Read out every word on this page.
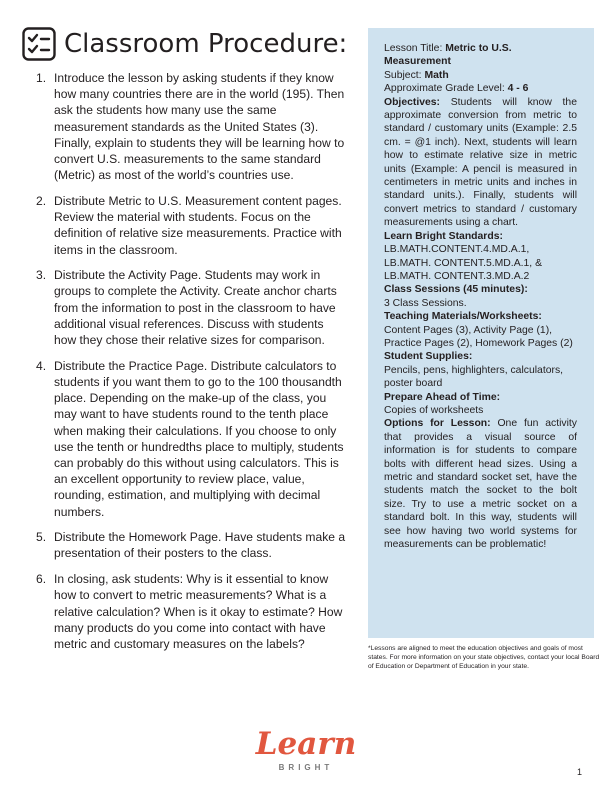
Classroom Procedure:
1. Introduce the lesson by asking students if they know how many countries there are in the world (195). Then ask the students how many use the same measurement standards as the United States (3). Finally, explain to students they will be learning how to convert U.S. measurements to the same standard (Metric) as most of the world’s countries use.
2. Distribute Metric to U.S. Measurement content pages. Review the material with students. Focus on the definition of relative size measurements. Practice with items in the classroom.
3. Distribute the Activity Page. Students may work in groups to complete the Activity. Create anchor charts from the information to post in the classroom to have additional visual references. Discuss with students how they chose their relative sizes for comparison.
4. Distribute the Practice Page. Distribute calculators to students if you want them to go to the 100 thousandth place. Depending on the make-up of the class, you may want to have students round to the tenth place when making their calculations. If you choose to only use the tenth or hundredths place to multiply, students can probably do this without using calculators. This is an excellent opportunity to review place, value, rounding, estimation, and multiplying with decimal numbers.
5. Distribute the Homework Page. Have students make a presentation of their posters to the class.
6. In closing, ask students: Why is it essential to know how to convert to metric measurements? What is a relative calculation? When is it okay to estimate? How many products do you come into contact with have metric and customary measures on the labels?

Lesson Title: Metric to U.S. Measurement

Subject: Math

Approximate Grade Level: 4 - 6

Objectives: Students will know the approximate conversion from metric to standard / customary units (Example: 2.5 cm. = @1 inch). Next, students will learn how to estimate relative size in metric units (Example: A pencil is measured in centimeters in metric units and inches in standard units.). Finally, students will convert metrics to standard / customary measurements using a chart.

Learn Bright Standards:

LB.MATH.CONTENT.4.MD.A.1, LB.MATH. CONTENT.5.MD.A.1, & LB.MATH. CONTENT.3.MD.A.2

Class Sessions (45 minutes):

3 Class Sessions.

Teaching Materials/Worksheets:

Content Pages (3), Activity Page (1), Practice Pages (2), Homework Pages (2)

Student Supplies:

Pencils, pens, highlighters, calculators, poster board

Prepare Ahead of Time:

Copies of worksheets

Options for Lesson: One fun activity that provides a visual source of information is for students to compare bolts with different head sizes. Using a metric and standard socket set, have the students match the socket to the bolt size. Try to use a metric socket on a standard bolt. In this way, students will see how having two world systems for measurements can be problematic!

*Lessons are aligned to meet the education objectives and goals of most states. For more information on your state objectives, contact your local Board of Education or Department of Education in your state.
Learn
BRIGHT	1
